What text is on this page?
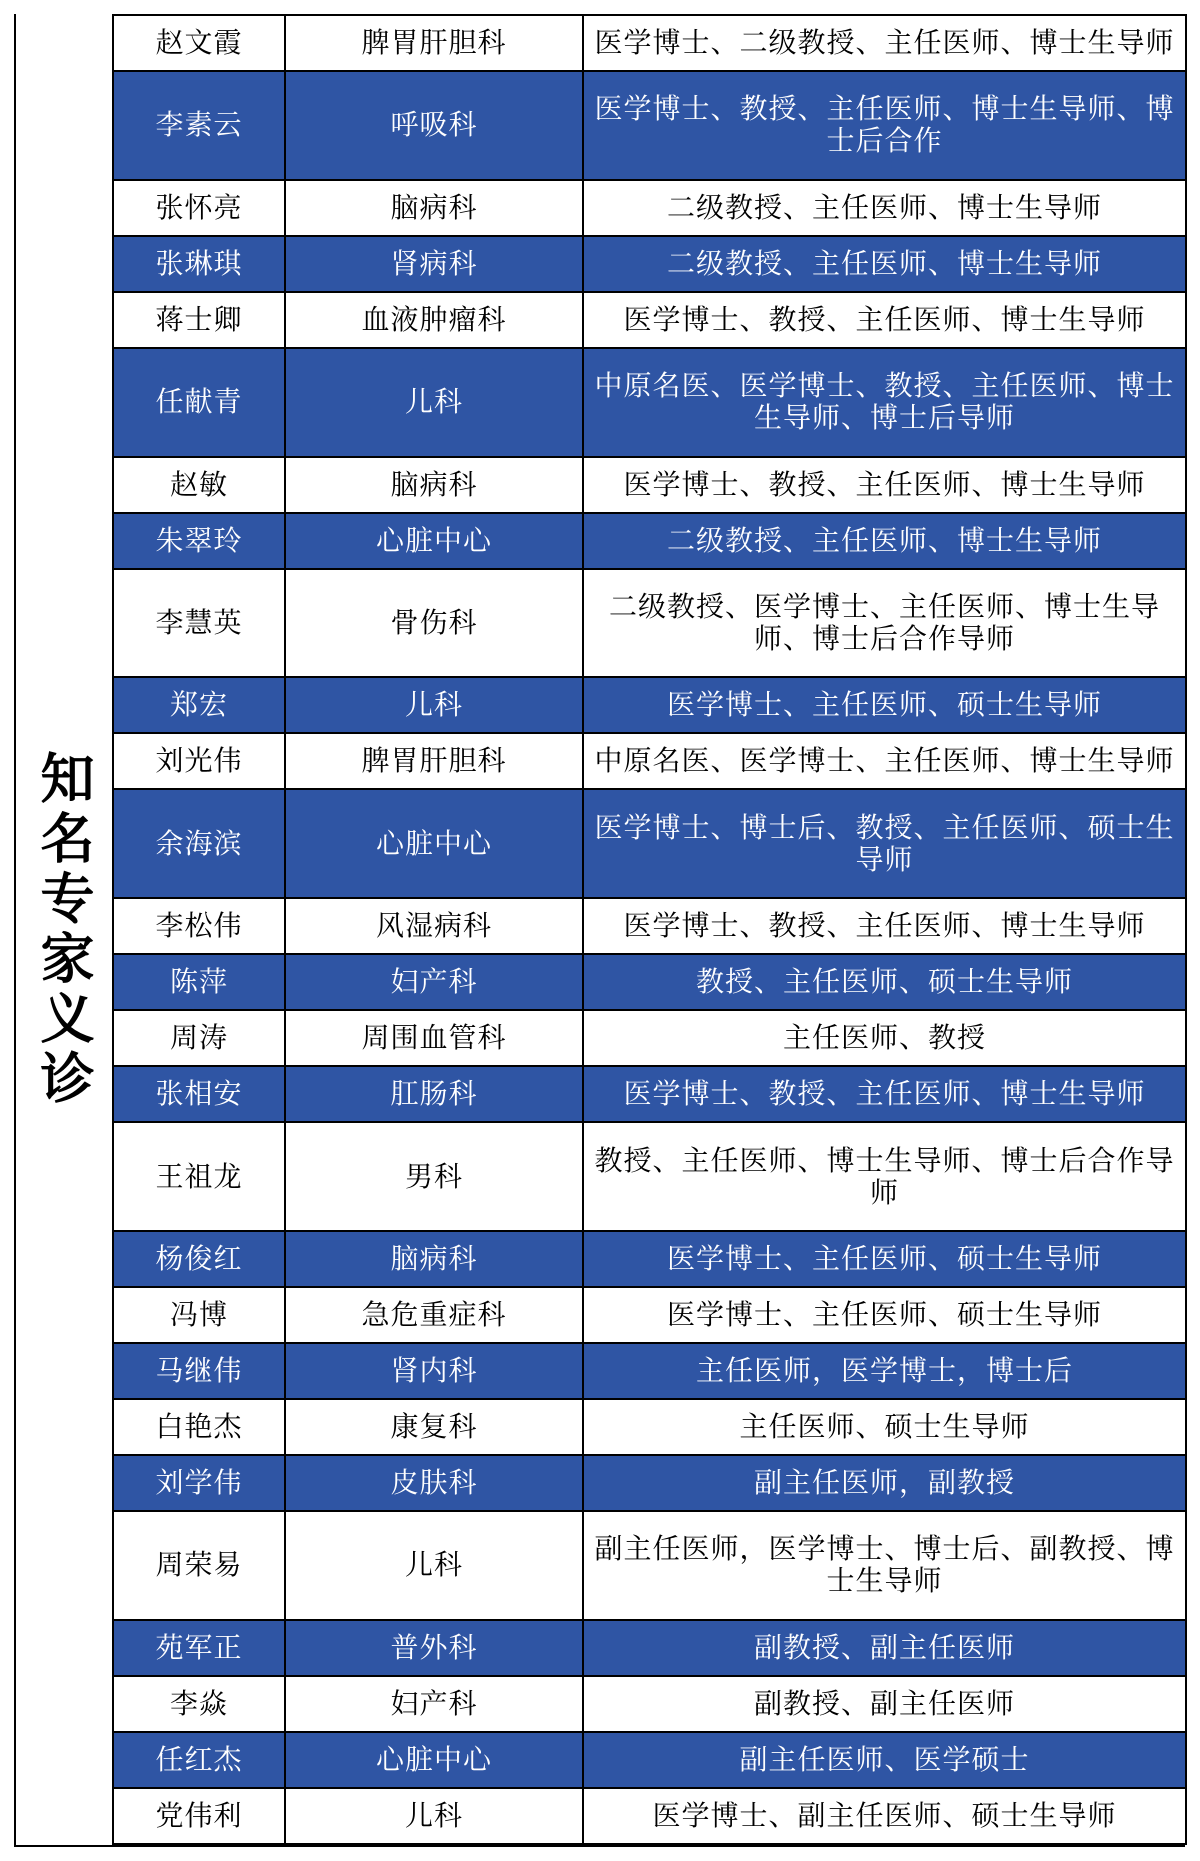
知名专家义诊
赵文霞	脾胃肝胆科	医学博士、二级教授、主任医师、博士生导师
李素云	呼吸科	医学博士、教授、主任医师、博士生导师、博士后合作
张怀亮	脑病科	二级教授、主任医师、博士生导师
张琳琪	肾病科	二级教授、主任医师、博士生导师
蒋士卿	血液肿瘤科	医学博士、教授、主任医师、博士生导师
任献青	儿科	中原名医、医学博士、教授、主任医师、博士生导师、博士后导师
赵敏	脑病科	医学博士、教授、主任医师、博士生导师
朱翠玲	心脏中心	二级教授、主任医师、博士生导师
李慧英	骨伤科	二级教授、医学博士、主任医师、博士生导师、博士后合作导师
郑宏	儿科	医学博士、主任医师、硕士生导师
刘光伟	脾胃肝胆科	中原名医、医学博士、主任医师、博士生导师
余海滨	心脏中心	医学博士、博士后、教授、主任医师、硕士生导师
李松伟	风湿病科	医学博士、教授、主任医师、博士生导师
陈萍	妇产科	教授、主任医师、硕士生导师
周涛	周围血管科	主任医师、教授
张相安	肛肠科	医学博士、教授、主任医师、博士生导师
王祖龙	男科	教授、主任医师、博士生导师、博士后合作导师
杨俊红	脑病科	医学博士、主任医师、硕士生导师
冯博	急危重症科	医学博士、主任医师、硕士生导师
马继伟	肾内科	主任医师，医学博士，博士后
白艳杰	康复科	主任医师、硕士生导师
刘学伟	皮肤科	副主任医师，副教授
周荣易	儿科	副主任医师，医学博士、博士后、副教授、博士生导师
苑军正	普外科	副教授、副主任医师
李焱	妇产科	副教授、副主任医师
任红杰	心脏中心	副主任医师、医学硕士
党伟利	儿科	医学博士、副主任医师、硕士生导师
